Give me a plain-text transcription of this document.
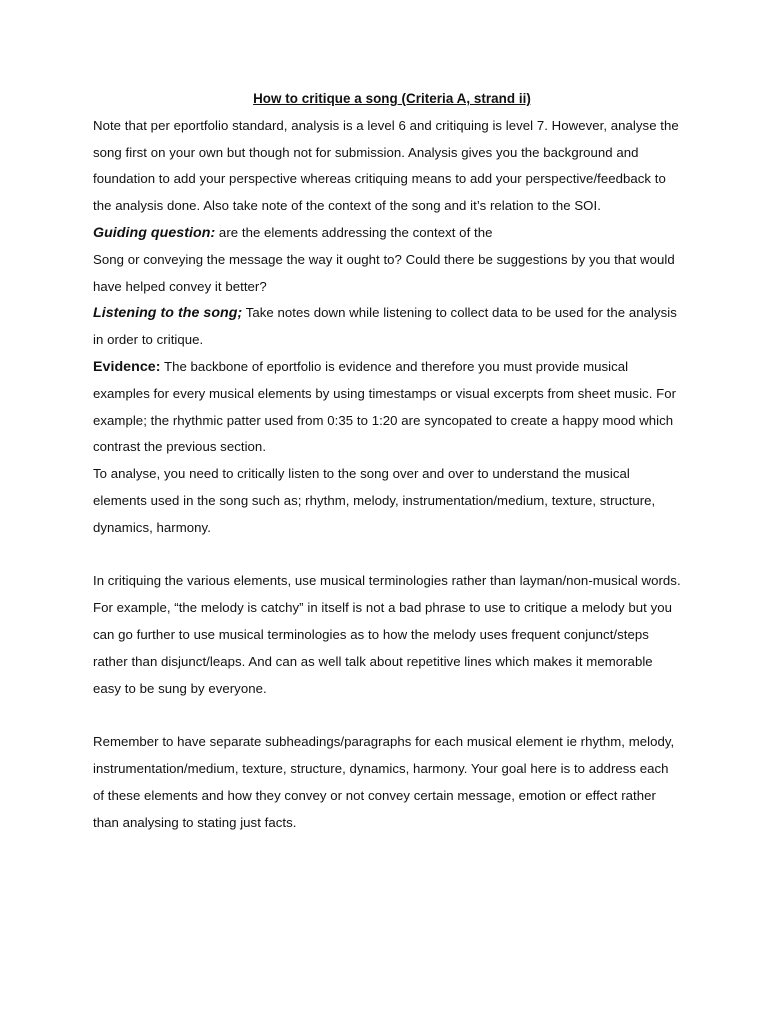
How to critique a song (Criteria A, strand ii)

Note that per eportfolio standard, analysis is a level 6 and critiquing is level 7. However, analyse the song first on your own but though not for submission. Analysis gives you the background and foundation to add your perspective whereas critiquing means to add your perspective/feedback to the analysis done. Also take note of the context of the song and it’s relation to the SOI.

Guiding question: are the elements addressing the context of the
Song or conveying the message the way it ought to? Could there be suggestions by you that would have helped convey it better?

Listening to the song; Take notes down while listening to collect data to be used for the analysis in order to critique.

Evidence: The backbone of eportfolio is evidence and therefore you must provide musical examples for every musical elements by using timestamps or visual excerpts from sheet music. For example; the rhythmic patter used from 0:35 to 1:20 are syncopated to create a happy mood which contrast the previous section.

To analyse, you need to critically listen to the song over and over to understand the musical elements used in the song such as; rhythm, melody, instrumentation/medium, texture, structure, dynamics, harmony.

In critiquing the various elements, use musical terminologies rather than layman/non-musical words. For example, “the melody is catchy” in itself is not a bad phrase to use to critique a melody but you can go further to use musical terminologies as to how the melody uses frequent conjunct/steps rather than disjunct/leaps. And can as well talk about repetitive lines which makes it memorable easy to be sung by everyone.

Remember to have separate subheadings/paragraphs for each musical element ie rhythm, melody, instrumentation/medium, texture, structure, dynamics, harmony. Your goal here is to address each of these elements and how they convey or not convey certain message, emotion or effect rather than analysing to stating just facts.
